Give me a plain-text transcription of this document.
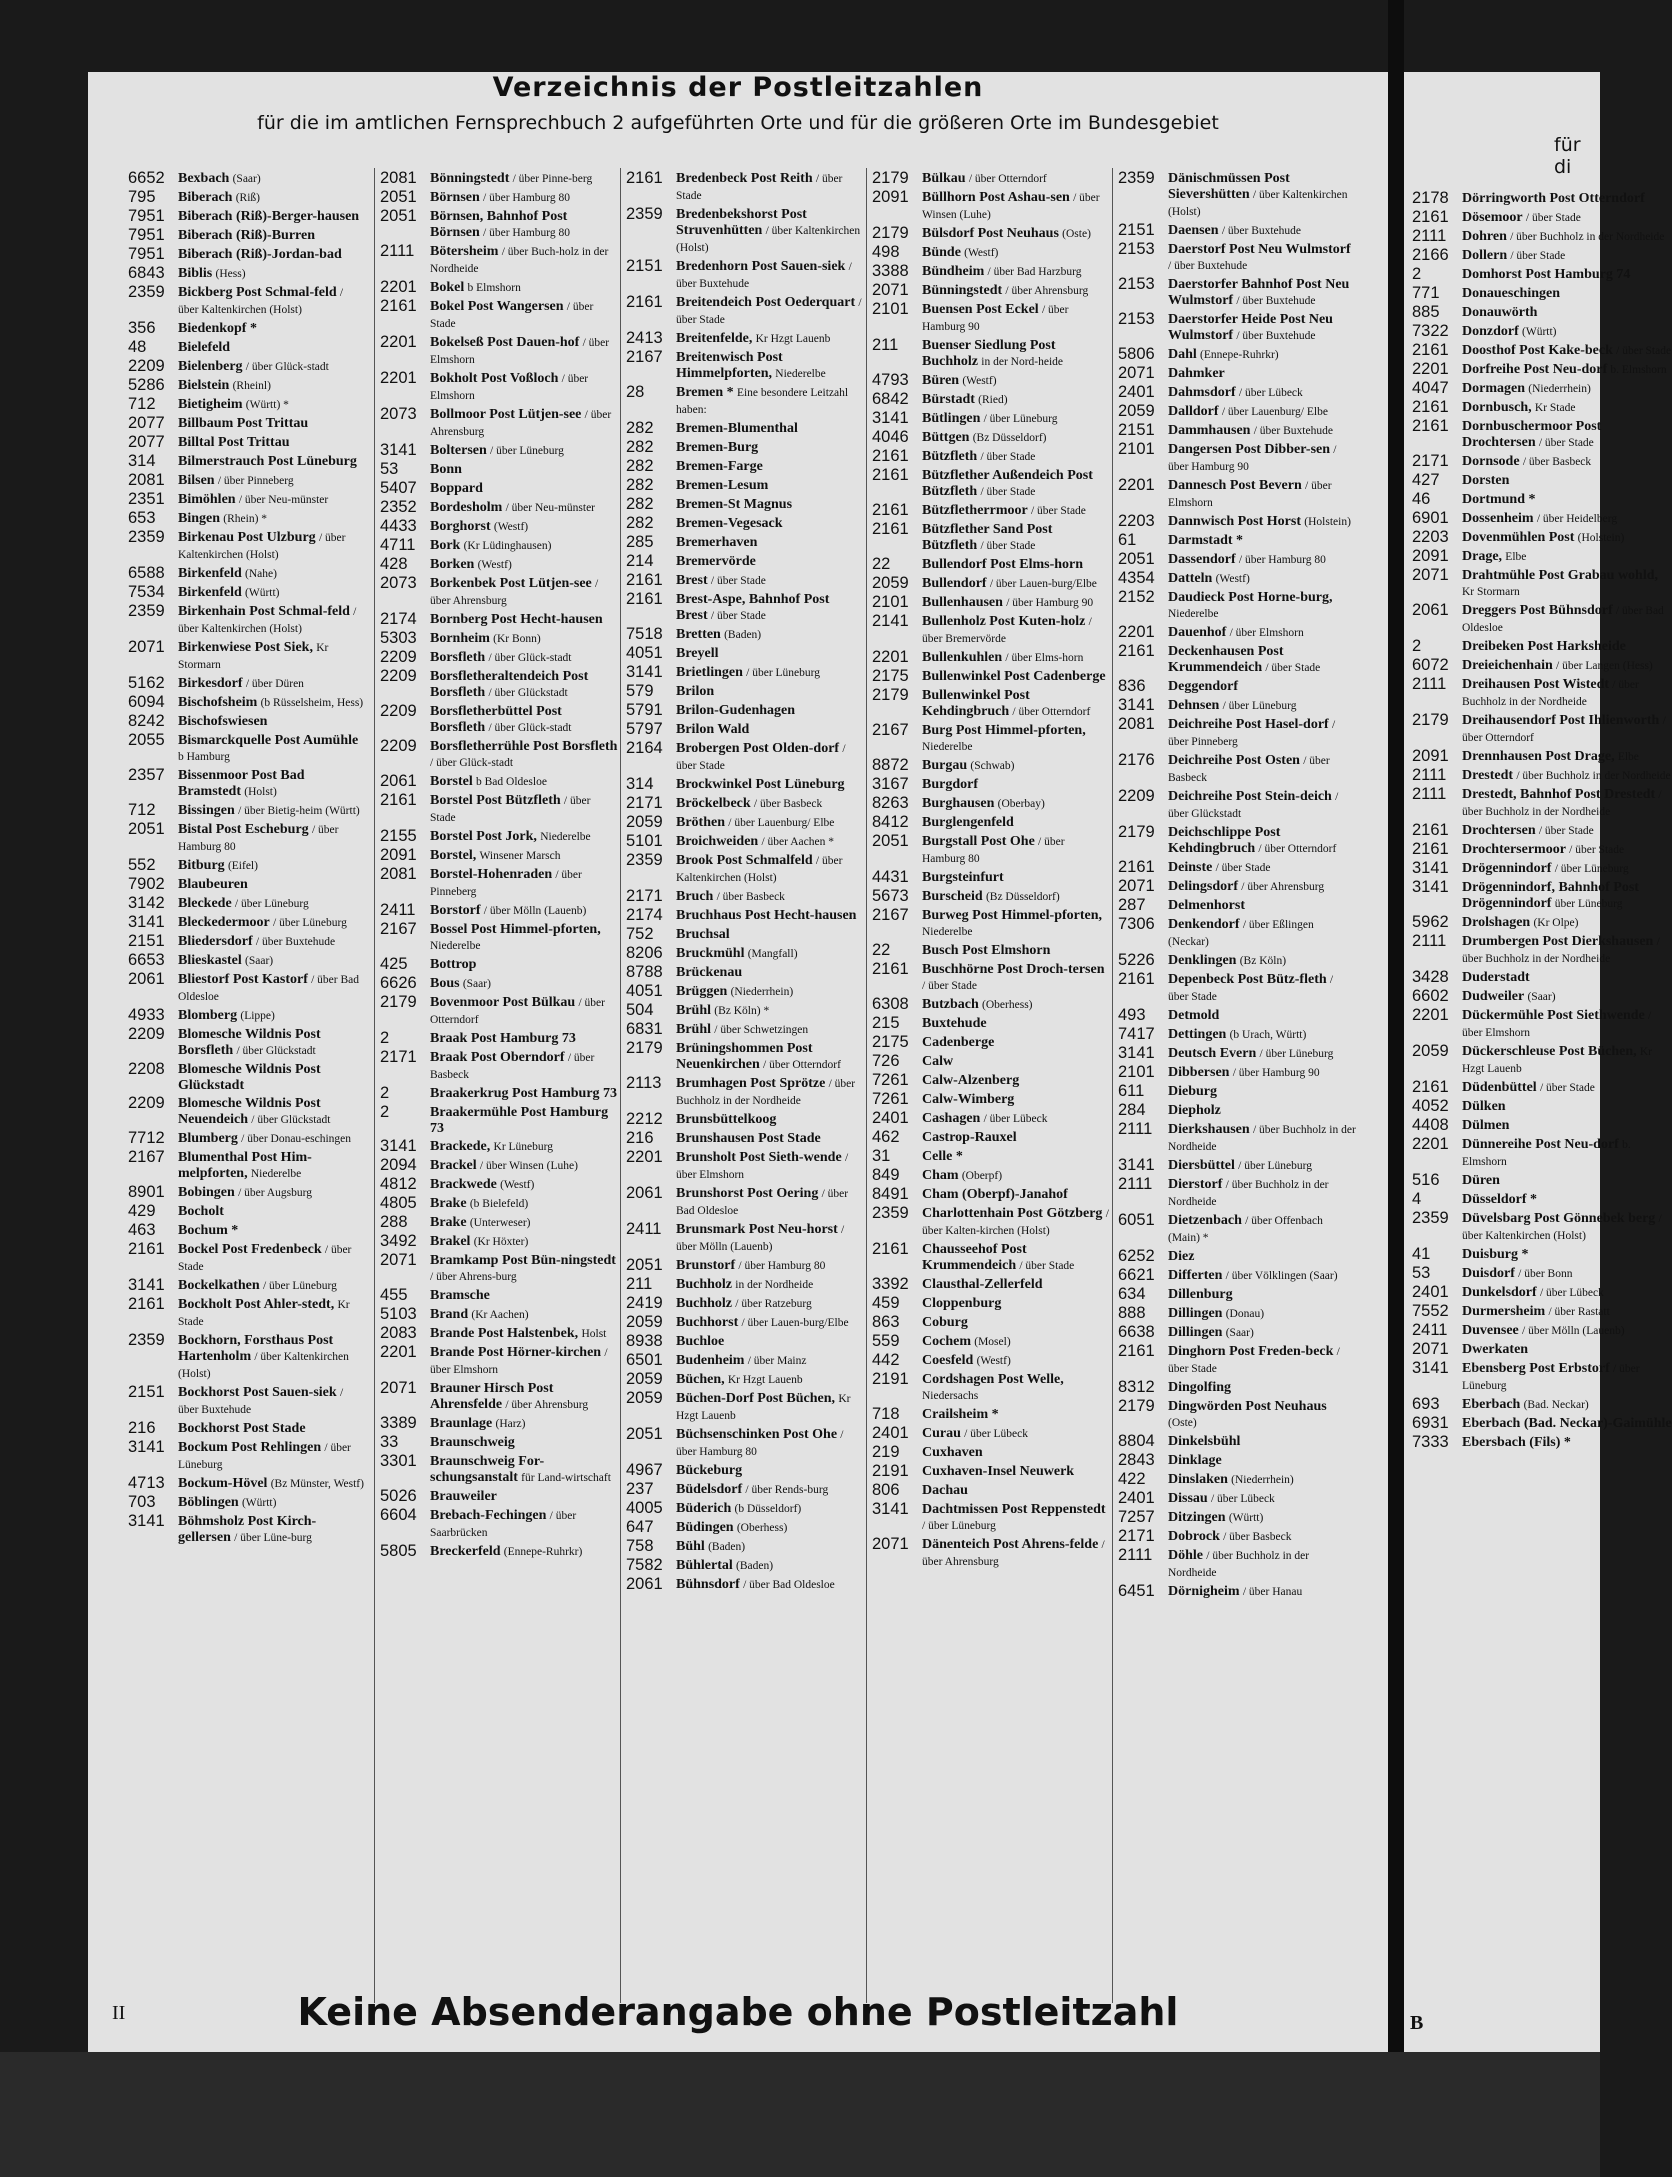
Verzeichnis der Postleitzahlen
für die im amtlichen Fernsprechbuch 2 aufgeführten Orte und für die größeren Orte im Bundesgebiet
6652 Bexbach (Saar)
795	Biberach (Riß)
7951 Biberach (Riß)-Berger-hausen
7951 Biberach (Riß)-Burren
7951 Biberach (Riß)-Jordan-bad
6843 Biblis (Hess)
2359 Bickberg Post Schmal-feld / über Kaltenkirchen (Holst)
356	Biedenkopf *
48	Bielefeld
2209 Bielenberg / über Glück-stadt
5286 Bielstein (Rheinl)
712	Bietigheim (Württ) *
2077 Billbaum Post Trittau
2077 Billtal Post Trittau
314	Bilmerstrauch Post Lüneburg
2081 Bilsen / über Pinneberg
2351 Bimöhlen / über Neu-münster
653	Bingen (Rhein) *
2359 Birkenau Post Ulzburg / über Kaltenkirchen (Holst)
6588 Birkenfeld (Nahe)
7534 Birkenfeld (Württ)
2359 Birkenhain Post Schmal-feld / über Kaltenkirchen (Holst)
2071 Birkenwiese Post Siek, Kr Stormarn
5162 Birkesdorf / über Düren
6094 Bischofsheim (b Rüsselsheim, Hess)
8242 Bischofswiesen
2055 Bismarckquelle Post Aumühle b Hamburg
2357 Bissenmoor Post Bad Bramstedt (Holst)
712	Bissingen / über Bietig-heim (Württ)
2051 Bistal Post Escheburg / über Hamburg 80
552	Bitburg (Eifel)
7902 Blaubeuren
3142 Bleckede / über Lüneburg
3141 Bleckedermoor / über Lüneburg
2151 Bliedersdorf / über Buxtehude
6653 Blieskastel (Saar)
2061 Bliestorf Post Kastorf / über Bad Oldesloe
4933 Blomberg (Lippe)
2209 Blomesche Wildnis Post Borsfleth / über Glückstadt
2208 Blomesche Wildnis Post Glückstadt
2209 Blomesche Wildnis Post Neuendeich / über Glückstadt
7712 Blumberg / über Donau-eschingen
2167 Blumenthal Post Him-melpforten, Niederelbe
8901 Bobingen / über Augsburg
429	Bocholt
463	Bochum *
2161 Bockel Post Fredenbeck / über Stade
3141 Bockelkathen / über Lüneburg
2161 Bockholt Post Ahler-stedt, Kr Stade
2359 Bockhorn, Forsthaus Post Hartenholm / über Kaltenkirchen (Holst)
2151 Bockhorst Post Sauen-siek / über Buxtehude
216	Bockhorst Post Stade
3141 Bockum Post Rehlingen / über Lüneburg
4713 Bockum-Hövel (Bz Münster, Westf)
703	Böblingen (Württ)
3141 Böhmsholz Post Kirch-gellersen / über Lüne-burg
2081 Bönningstedt / über Pinne-berg
2051 Börnsen / über Hamburg 80
2051 Börnsen, Bahnhof Post Börnsen / über Hamburg 80
2111	Bötersheim / über Buch-holz in der Nordheide
2201 Bokel b Elmshorn
2161 Bokel Post Wangersen / über Stade
2201 Bokelseß Post Dauen-hof / über Elmshorn
2201 Bokholt Post Voßloch / über Elmshorn
2073 Bollmoor Post Lütjen-see / über Ahrensburg
3141 Boltersen / über Lüneburg
53	Bonn
5407 Boppard
2352 Bordesholm / über Neu-münster
4433 Borghorst (Westf)
4711	Bork (Kr Lüdinghausen)
428	Borken (Westf)
2073 Borkenbek Post Lütjen-see / über Ahrensburg
2174 Bornberg Post Hecht-hausen
5303 Bornheim (Kr Bonn)
2209 Borsfleth / über Glück-stadt
2209 Borsfletheraltendeich Post Borsfleth / über Glückstadt
2209 Borsfletherbüttel Post Borsfleth / über Glück-stadt
2209 Borsfletherrühle Post Borsfleth / über Glück-stadt
2061 Borstel b Bad Oldesloe
2161 Borstel Post Bützfleth / über Stade
2155 Borstel Post Jork, Niederelbe
2091 Borstel, Winsener Marsch
2081 Borstel-Hohenraden / über Pinneberg
2411	Borstorf / über Mölln (Lauenb)
2167 Bossel Post Himmel-pforten, Niederelbe
425	Bottrop
6626 Bous (Saar)
2179 Bovenmoor Post Bülkau / über Otterndorf
2	Braak Post Hamburg 73
2171 Braak Post Oberndorf / über Basbeck
2	Braakerkrug Post Hamburg 73
2	Braakermühle Post Hamburg 73
3141 Brackede, Kr Lüneburg
2094 Brackel / über Winsen (Luhe)
4812 Brackwede (Westf)
4805 Brake (b Bielefeld)
288	Brake (Unterweser)
3492 Brakel (Kr Höxter)
2071 Bramkamp Post Bün-ningstedt / über Ahrens-burg
455	Bramsche
5103 Brand (Kr Aachen)
2083 Brande Post Halstenbek, Holst
2201 Brande Post Hörner-kirchen / über Elmshorn
2071 Brauner Hirsch Post Ahrensfelde / über Ahrensburg
3389 Braunlage (Harz)
33	Braunschweig
3301 Braunschweig For-schungsanstalt für Land-wirtschaft
5026 Brauweiler
6604 Brebach-Fechingen / über Saarbrücken
5805 Breckerfeld (Ennepe-Ruhrkr)
2161 Bredenbeck Post Reith / über Stade
2359 Bredenbekshorst Post Struvenhütten / über Kaltenkirchen (Holst)
2151 Bredenhorn Post Sauen-siek / über Buxtehude
2161 Breitendeich Post Oederquart / über Stade
2413 Breitenfelde, Kr Hzgt Lauenb
2167 Breitenwisch Post Himmelpforten, Niederelbe
28	Bremen * Eine besondere Leitzahl haben:
282	Bremen-Blumenthal
282	Bremen-Burg
282	Bremen-Farge
282	Bremen-Lesum
282	Bremen-St Magnus
282	Bremen-Vegesack
285	Bremerhaven
214	Bremervörde
2161 Brest / über Stade
2161 Brest-Aspe, Bahnhof Post Brest / über Stade
7518 Bretten (Baden)
4051 Breyell
3141 Brietlingen / über Lüneburg
579	Brilon
5791 Brilon-Gudenhagen
5797 Brilon Wald
2164 Brobergen Post Olden-dorf / über Stade
314	Brockwinkel Post Lüneburg
2171 Bröckelbeck / über Basbeck
2059 Bröthen / über Lauenburg/ Elbe
5101 Broichweiden / über Aachen *
2359 Brook Post Schmalfeld / über Kaltenkirchen (Holst)
2171 Bruch / über Basbeck
2174 Bruchhaus Post Hecht-hausen
752	Bruchsal
8206 Bruckmühl (Mangfall)
8788 Brückenau
4051 Brüggen (Niederrhein)
504	Brühl (Bz Köln) *
6831 Brühl / über Schwetzingen
2179 Brüningshommen Post Neuenkirchen / über Otterndorf
2113	Brumhagen Post Sprötze / über Buchholz in der Nordheide
2212 Brunsbüttelkoog
216	Brunshausen Post Stade
2201 Brunsholt Post Sieth-wende / über Elmshorn
2061 Brunshorst Post Oering / über Bad Oldesloe
2411	Brunsmark Post Neu-horst / über Mölln (Lauenb)
2051 Brunstorf / über Hamburg 80
211	Buchholz in der Nordheide
2419 Buchholz / über Ratzeburg
2059 Buchhorst / über Lauen-burg/Elbe
8938 Buchloe
6501 Budenheim / über Mainz
2059 Büchen, Kr Hzgt Lauenb
2059 Büchen-Dorf Post Büchen, Kr Hzgt Lauenb
2051 Büchsenschinken Post Ohe / über Hamburg 80
4967 Bückeburg
237	Büdelsdorf / über Rends-burg
4005 Büderich (b Düsseldorf)
647	Büdingen (Oberhess)
758	Bühl (Baden)
7582 Bühlertal (Baden)
2061 Bühnsdorf / über Bad Oldesloe
2179 Bülkau / über Otterndorf
2091 Büllhorn Post Ashau-sen / über Winsen (Luhe)
2179 Bülsdorf Post Neuhaus (Oste)
498	Bünde (Westf)
3388 Bündheim / über Bad Harzburg
2071 Bünningstedt / über Ahrensburg
2101 Buensen Post Eckel / über Hamburg 90
211	Buenser Siedlung Post Buchholz in der Nord-heide
4793 Büren (Westf)
6842 Bürstadt (Ried)
3141 Bütlingen / über Lüneburg
4046 Büttgen (Bz Düsseldorf)
2161 Bützfleth / über Stade
2161 Bützflether Außendeich Post Bützfleth / über Stade
2161 Bützfletherrmoor / über Stade
2161 Bützflether Sand Post Bützfleth / über Stade
22	Bullendorf Post Elms-horn
2059 Bullendorf / über Lauen-burg/Elbe
2101 Bullenhausen / über Hamburg 90
2141 Bullenholz Post Kuten-holz / über Bremervörde
2201 Bullenkuhlen / über Elms-horn
2175 Bullenwinkel Post Cadenberge
2179 Bullenwinkel Post Kehdingbruch / über Otterndorf
2167 Burg Post Himmel-pforten, Niederelbe
8872 Burgau (Schwab)
3167 Burgdorf
8263 Burghausen (Oberbay)
8412 Burglengenfeld
2051 Burgstall Post Ohe / über Hamburg 80
4431 Burgsteinfurt
5673 Burscheid (Bz Düsseldorf)
2167 Burweg Post Himmel-pforten, Niederelbe
22	Busch Post Elmshorn
2161 Buschhörne Post Droch-tersen / über Stade
6308 Butzbach (Oberhess)
215	Buxtehude
2175 Cadenberge
726	Calw
7261 Calw-Alzenberg
7261 Calw-Wimberg
2401 Cashagen / über Lübeck
462	Castrop-Rauxel
31	Celle *
849	Cham (Oberpf)
8491 Cham (Oberpf)-Janahof
2359 Charlottenhain Post Götzberg / über Kalten-kirchen (Holst)
2161 Chausseehof Post Krummendeich / über Stade
3392 Clausthal-Zellerfeld
459	Cloppenburg
863	Coburg
559	Cochem (Mosel)
442	Coesfeld (Westf)
2191 Cordshagen Post Welle, Niedersachs
718	Crailsheim *
2401 Curau / über Lübeck
219	Cuxhaven
2191 Cuxhaven-Insel Neuwerk
806	Dachau
3141 Dachtmissen Post Reppenstedt / über Lüneburg
2071 Dänenteich Post Ahrens-felde / über Ahrensburg
2359 Dänischmüssen Post Sievershütten / über Kaltenkirchen (Holst)
2151 Daensen / über Buxtehude
2153 Daerstorf Post Neu Wulmstorf / über Buxtehude
2153 Daerstorfer Bahnhof Post Neu Wulmstorf / über Buxtehude
2153 Daerstorfer Heide Post Neu Wulmstorf / über Buxtehude
5806 Dahl (Ennepe-Ruhrkr)
2071 Dahmker
2401 Dahmsdorf / über Lübeck
2059 Dalldorf / über Lauenburg/ Elbe
2151 Dammhausen / über Buxtehude
2101 Dangersen Post Dibber-sen / über Hamburg 90
2201 Dannesch Post Bevern / über Elmshorn
2203 Dannwisch Post Horst (Holstein)
61	Darmstadt *
2051 Dassendorf / über Hamburg 80
4354 Datteln (Westf)
2152 Daudieck Post Horne-burg, Niederelbe
2201 Dauenhof / über Elmshorn
2161 Deckenhausen Post Krummendeich / über Stade
836	Deggendorf
3141 Dehnsen / über Lüneburg
2081 Deichreihe Post Hasel-dorf / über Pinneberg
2176 Deichreihe Post Osten / über Basbeck
2209 Deichreihe Post Stein-deich / über Glückstadt
2179 Deichschlippe Post Kehdingbruch / über Otterndorf
2161 Deinste / über Stade
2071 Delingsdorf / über Ahrensburg
287	Delmenhorst
7306 Denkendorf / über Eßlingen (Neckar)
5226 Denklingen (Bz Köln)
2161 Depenbeck Post Bütz-fleth / über Stade
493	Detmold
7417 Dettingen (b Urach, Württ)
3141 Deutsch Evern / über Lüneburg
2101 Dibbersen / über Hamburg 90
611	Dieburg
284	Diepholz
2111	Dierkshausen / über Buchholz in der Nordheide
3141 Diersbüttel / über Lüneburg
2111	Dierstorf / über Buchholz in der Nordheide
6051 Dietzenbach / über Offenbach (Main) *
6252 Diez
6621 Differten / über Völklingen (Saar)
634	Dillenburg
888	Dillingen (Donau)
6638 Dillingen (Saar)
2161 Dinghorn Post Freden-beck / über Stade
8312 Dingolfing
2179 Dingwörden Post Neuhaus (Oste)
8804 Dinkelsbühl
2843 Dinklage
422	Dinslaken (Niederrhein)
2401 Dissau / über Lübeck
7257 Ditzingen (Württ)
2171 Dobrock / über Basbeck
2111	Döhle / über Buchholz in der Nordheide
6451 Dörnigheim / über Hanau
II	Keine Absenderangabe ohne Postleitzahl
für di
2178 Dörringworth Post Otterndorf
2161 Dösemoor / über Stade
2111	Dohren / über Buchholz in der Nordheide
2166 Dollern / über Stade
2	Domhorst Post Hamburg 74
771	Donaueschingen
885	Donauwörth
7322 Donzdorf (Württ)
2161 Doosthof Post Kake-beck / über Stade
2201 Dorfreihe Post Neu-dorf b. Elmshorn
4047 Dormagen (Niederrhein)
2161 Dornbusch, Kr Stade
2161 Dornbuschermoor Post Drochtersen / über Stade
2171 Dornsode / über Basbeck
427	Dorsten
46	Dortmund *
6901 Dossenheim / über Heidelberg
2203 Dovenmühlen Post (Holstein)
2091 Drage, Elbe
2071 Drahtmühle Post Grabau wohld, Kr Stormarn
2061 Dreggers Post Bühnsdorf / über Bad Oldesloe
2	Dreibeken Post Harksheide
6072 Dreieichenhain / über Langen (Hess)
2111	Dreihausen Post Wistedt / über Buchholz in der Nordheide
2179 Dreihausendorf Post Ihlienworth / über Otterndorf
2091 Drennhausen Post Drage, Elbe
2111	Drestedt / über Buchholz in der Nordheide
2111	Drestedt, Bahnhof Post Drestedt / über Buchholz in der Nordheide
2161 Drochtersen / über Stade
2161 Drochtersermoor / über Stade
3141 Drögennindorf / über Lüneburg
3141 Drögennindorf, Bahnhof Post Drögennindorf über Lüneburg
5962 Drolshagen (Kr Olpe)
2111	Drumbergen Post Dierkshausen / über Buchholz in der Nordheide
3428 Duderstadt
6602 Dudweiler (Saar)
2201 Dückermühle Post Siethwende / über Elmshorn
2059 Dückerschleuse Post Büchen, Kr Hzgt Lauenb
2161 Düdenbüttel / über Stade
4052 Dülken
4408 Dülmen
2201 Dünnereihe Post Neu-dorf b. Elmshorn
516	Düren
4	Düsseldorf *
2359 Düvelsbarg Post Gönnebek berg / über Kaltenkirchen (Holst)
41	Duisburg *
53	Duisdorf / über Bonn
2401 Dunkelsdorf / über Lübeck
7552 Durmersheim / über Rastatt
2411	Duvensee / über Mölln (Lauenb)
2071 Dwerkaten
3141 Ebensberg Post Erbstorf / über Lüneburg
693	Eberbach (Bad. Neckar)
6931 Eberbach (Bad. Neckar)-Gaimühle
7333 Ebersbach (Fils) *
B
